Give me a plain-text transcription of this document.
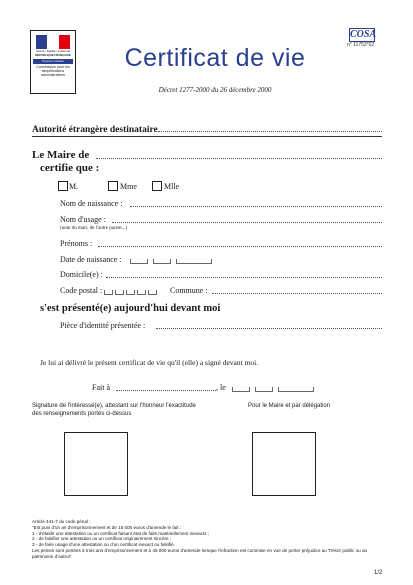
Liberté • Égalité • Fraternité
RÉPUBLIQUE FRANÇAISE
Premier ministre
Commission pour les simplifications administratives
COSA
n° 11753*02
Certificat de vie
Décret 1277-2000 du 26 décembre 2000
Autorité étrangère destinataire
Le Maire de
certifie que :
M.	Mme	Mlle
Nom de naissance :
Nom d'usage :
(nom du mari, de l'autre parent...)
Prénoms :
Date de naissance :
Domicile(e) :
Code postal :	Commune :
s'est présenté(e) aujourd'hui devant moi
Pièce d'identité présentée :
Je lui ai délivré le présent certificat de vie qu'il (elle) a signé devant moi.
Fait à	, le
Signature de l'intéressé(e), attestant sur l'honneur l'exactitude des renseignements portés ci-dessus
Pour le Maire et par délégation
Article 441-7 du code pénal :
"Est puni d'un an d'emprisonnement et de 15 000 euros d'amende le fait :
1 - d'établir une attestation ou un certificat faisant état de faits matériellement inexacts ;
2 - de falsifier une attestation ou un certificat originairement sincère ;
3 - de faire usage d'une attestation ou d'un certificat inexact ou falsifié.
Les peines sont portées à trois ans d'emprisonnement et à 45 000 euros d'amende lorsque l'infraction est commise en vue de porter préjudice au Trésor public ou au patrimoine d'autrui".
1/2
